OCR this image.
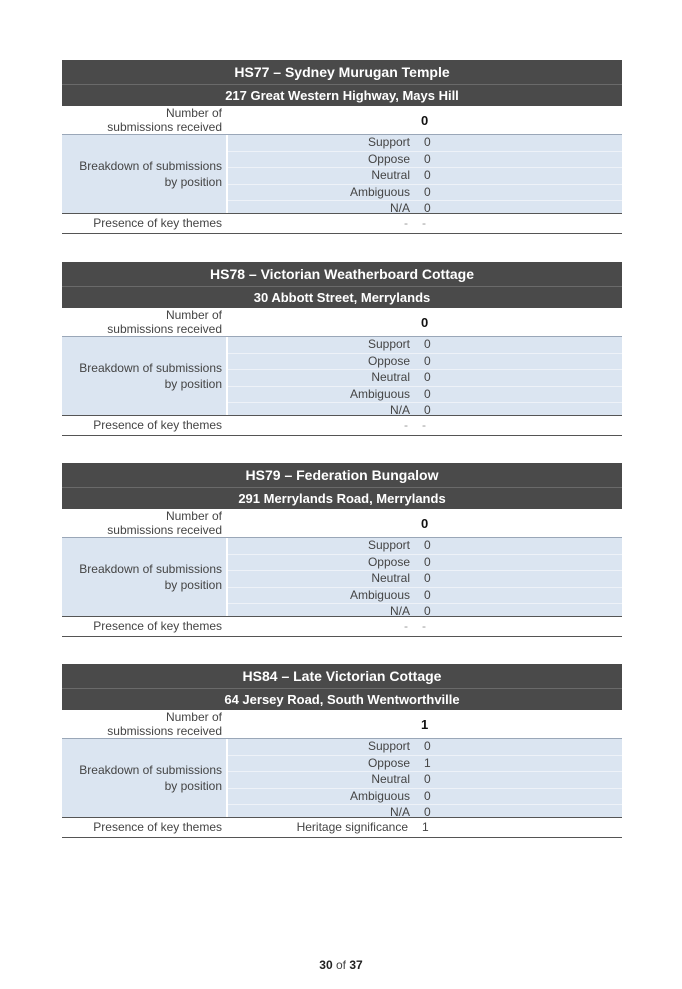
HS77 – Sydney Murugan Temple
217 Great Western Highway, Mays Hill
Number of
submissions received	0
Breakdown of submissions
by position
Support	0
Oppose	0
Neutral	0
Ambiguous	0
N/A	0
Presence of key themes	-	-
HS78 – Victorian Weatherboard Cottage
30 Abbott Street, Merrylands
Number of
submissions received	0
Breakdown of submissions
by position
Support	0
Oppose	0
Neutral	0
Ambiguous	0
N/A	0
Presence of key themes	-	-
HS79 – Federation Bungalow
291 Merrylands Road, Merrylands
Number of
submissions received	0
Breakdown of submissions
by position
Support	0
Oppose	0
Neutral	0
Ambiguous	0
N/A	0
Presence of key themes	-	-
HS84 – Late Victorian Cottage
64 Jersey Road, South Wentworthville
Number of
submissions received	1
Breakdown of submissions
by position
Support	0
Oppose	1
Neutral	0
Ambiguous	0
N/A	0
Presence of key themes	Heritage significance	1
30 of 37
